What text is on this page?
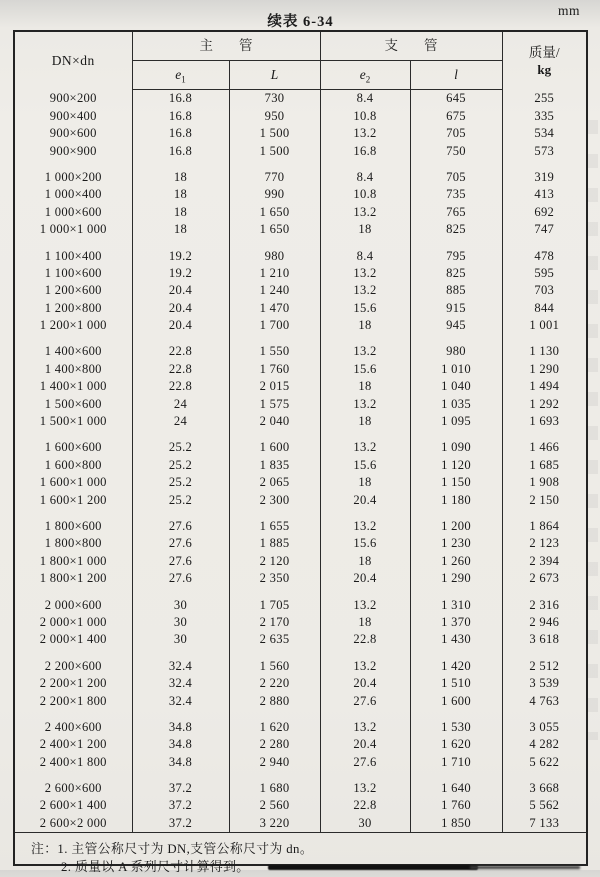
续表 6-34
mm
DN×dn	主管		支管		质量/
kg

	$e_1$	L	$e_2$	l	
900×200	16.8	730	8.4	645	255
900×400	16.8	950	10.8	675	335
900×600	16.8	1 500	13.2	705	534
900×900	16.8	1 500	16.8	750	573

1 000×200	18	770	8.4	705	319
1 000×400	18	990	10.8	735	413
1 000×600	18	1 650	13.2	765	692
1 000×1 000	18	1 650	18	825	747

1 100×400	19.2	980	8.4	795	478
1 100×600	19.2	1 210	13.2	825	595
1 200×600	20.4	1 240	13.2	885	703
1 200×800	20.4	1 470	15.6	915	844
1 200×1 000	20.4	1 700	18	945	1 001

1 400×600	22.8	1 550	13.2	980	1 130
1 400×800	22.8	1 760	15.6	1 010	1 290
1 400×1 000	22.8	2 015	18	1 040	1 494
1 500×600	24	1 575	13.2	1 035	1 292
1 500×1 000	24	2 040	18	1 095	1 693

1 600×600	25.2	1 600	13.2	1 090	1 466
1 600×800	25.2	1 835	15.6	1 120	1 685
1 600×1 000	25.2	2 065	18	1 150	1 908
1 600×1 200	25.2	2 300	20.4	1 180	2 150

1 800×600	27.6	1 655	13.2	1 200	1 864
1 800×800	27.6	1 885	15.6	1 230	2 123
1 800×1 000	27.6	2 120	18	1 260	2 394
1 800×1 200	27.6	2 350	20.4	1 290	2 673

2 000×600	30	1 705	13.2	1 310	2 316
2 000×1 000	30	2 170	18	1 370	2 946
2 000×1 400	30	2 635	22.8	1 430	3 618

2 200×600	32.4	1 560	13.2	1 420	2 512
2 200×1 200	32.4	2 220	20.4	1 510	3 539
2 200×1 800	32.4	2 880	27.6	1 600	4 763

2 400×600	34.8	1 620	13.2	1 530	3 055
2 400×1 200	34.8	2 280	20.4	1 620	4 282
2 400×1 800	34.8	2 940	27.6	1 710	5 622

2 600×600	37.2	1 680	13.2	1 640	3 668
2 600×1 400	37.2	2 560	22.8	1 760	5 562
2 600×2 000	37.2	3 220	30	1 850	7 133
注：1. 主管公称尺寸为 DN,支管公称尺寸为 dn。
2. 质量以 A 系列尺寸计算得到。
